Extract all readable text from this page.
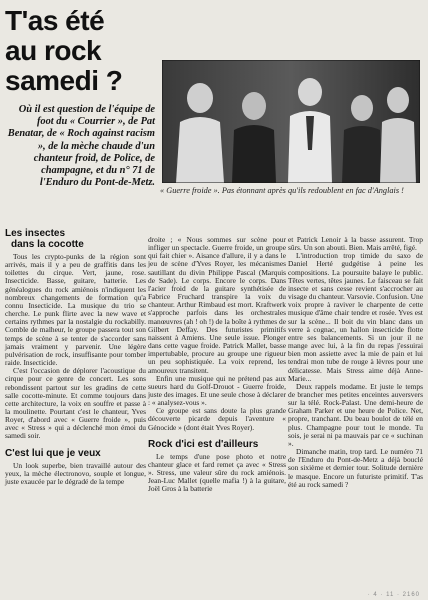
T'as été
au rock
samedi ?
Où il est question de l'équipe de foot du « Courrier », de Pat Benatar, de « Roch against racism », de la mèche chaude d'un chanteur froid, de Police, de champagne, et du n° 71 de l'Enduro du Pont-de-Metz.
« Guerre froide ». Pas étonnant après qu'ils redoublent en fac d'Anglais !
Les insectes
dans la cocotte

Tous les crypto-punks de la région sont arrivés, mais il y a peu de graffitis dans les toilettes du cirque. Vert, jaune, rose. Insecticide. Basse, guitare, batterie. Les généalogues du rock amiénois n'indiquent les nombreux changements de formation qu'a connu Insecticide. La musique du trio se cherche. Le punk flirte avec la new wave et certains rythmes par la nostalgie du rockabilly. Comble de malheur, le groupe passera tout son temps de scène à se tenter de s'accorder sans jamais vraiment y parvenir. Une légère pulvérisation de rock, insuffisante pour tomber raide. Insecticide.

C'est l'occasion de déplorer l'acoustique du cirque pour ce genre de concert. Les sons rebondissent partout sur les gradins de cette salle cocotte-minute. Et comme toujours dans cette architecture, la voix en souffre et passe à la moulinette. Pourtant c'est le chanteur, Yves Royer, d'abord avec « Guerre froide », puis avec « Stress » qui a déclenché mon émoi du samedi soir.

C'est lui que je veux

Un look superbe, bien travaillé autour des yeux, la mèche électronovo, souple et longue, juste exaucée par le dégradé de la tempe

droite ; « Nous sommes sur scène pour infliger un spectacle. Guerre froide, un groupe qui fait chier ». Aisance d'allure, il y a dans le jeu de scène d'Yves Royer, les mécanismes sautillant du divin Philippe Pascal (Marquis de Sade). Le corps. Encore le corps. Dans l'acier froid de la guitare synthétisée de Fabrice Fruchard transpire la voix du chanteur. Arthur Rimbaud est mort. Kraftwerk s'approche parfois dans les orchestrales manœuvres (ah ! oh !) de la boîte à rythmes de Gilbert Deffay. Des futuristes primitifs naissent à Amiens. Une seule issue. Plonger dans cette vague froide. Patrick Mallet, basse impertubable, procure au groupe une rigueur un peu sophistiquée. La voix reprend, les amoureux transitent.

Enfin une musique qui ne prétend pas aux sueurs hard du Golf-Drouot - Guerre froide, juste des images. Et une seule chose à déclarer : « analysez-vous ».

Ce groupe est sans doute la plus grande découverte picarde depuis l'aventure « Génocide » (dont était Yves Royer).

Rock d'ici est d'ailleurs

Le temps d'une pose photo et notre chanteur glace et fard remet ça avec « Stress ». Stress, une valeur sûre du rock amiénois. Jean-Luc Mallet (quelle mafia !) à la guitare, Joël Gros à la batterie

et Patrick Lenoir à la basse assurent. Trop sûrs. Un son abouti. Bien. Mais arrêté, figé.

L'introduction trop timide du saxo de Daniel Herté gudgétise à peine les compositions. La poursuite balaye le public. Têtes vertes, têtes jaunes. Le faisceau se fait insecte et sans cesse revient s'accrocher au visage du chanteur. Varsovie. Confusion. Une voix propre à raviver le charpente de cette musique d'âme chair tendre et rosée. Yves est sur la scène... Il boit du vin blanc dans un verre à cognac, un hallon insecticide flotte entre ses balancements. Si un jour il ne mange avec lui, à la fin du repas j'essuirai bien mon assiette avec la mie de pain et lui tendrai mon tube de rouge à lèvres pour une délicatesse. Mais Stress aime déjà Anne-Marie...

Deux rappels modame. Et juste le temps de brancher mes petites enceintes auversvers sur la télé. Rock-Palast. Une demi-heure de Graham Parker et une heure de Police. Net, propre, tranchant. Du beau boulot de télé en plus. Champagne pour tout le monde. Tu sois, je serai ni pa mauvais par ce « suchinan ».

Dimanche matin, trop tard. Le numéro 71 de l'Enduro du Pont-de-Metz a déjà bouclé son sixième et dernier tour. Solitude dernière le masque. Encore un futuriste primitif. T'as été au rock samedi ?

· 4 · 11 · 2160
